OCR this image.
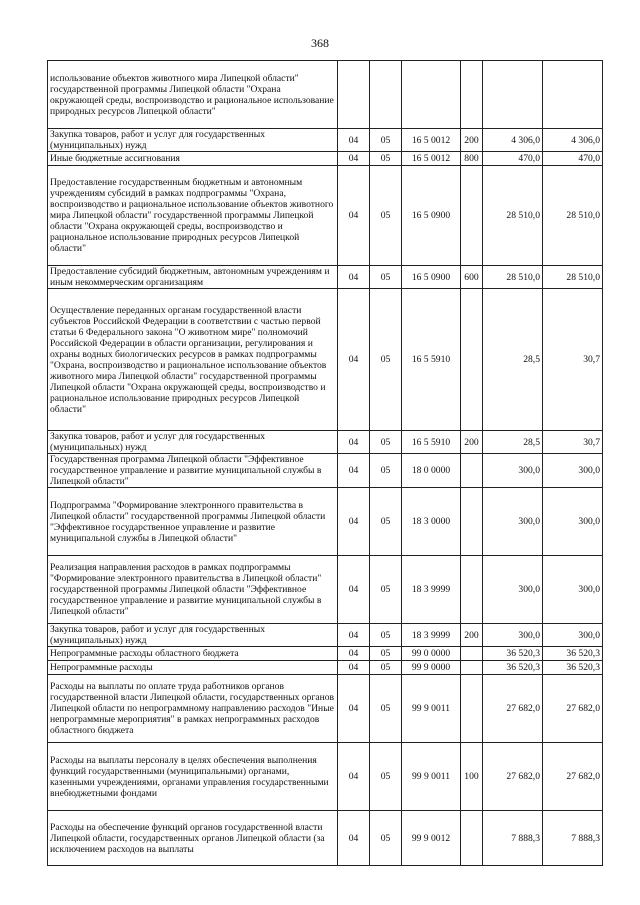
368
использование объектов животного мира Липецкой области" государственной программы Липецкой области "Охрана окружающей среды, воспроизводство и рациональное использование природных ресурсов Липецкой области"						
Закупка товаров, работ и услуг для государственных (муниципальных) нужд	04	05	16 5 0012	200	4 306,0	4 306,0
Иные бюджетные ассигнования	04	05	16 5 0012	800	470,0	470,0
Предоставление государственным бюджетным и автономным учреждениям субсидий в рамках подпрограммы "Охрана, воспроизводство и рациональное использование объектов животного мира Липецкой области" государственной программы Липецкой области "Охрана окружающей среды, воспроизводство и рациональное использование природных ресурсов Липецкой области"	04	05	16 5 0900		28 510,0	28 510,0
Предоставление субсидий бюджетным, автономным учреждениям и иным некоммерческим организациям	04	05	16 5 0900	600	28 510,0	28 510,0
Осуществление переданных органам государственной власти субъектов Российской Федерации в соответствии с частью первой статьи 6 Федерального закона "О животном мире" полномочий Российской Федерации в области организации, регулирования и охраны водных биологических ресурсов в рамках подпрограммы "Охрана, воспроизводство и рациональное использование объектов животного мира Липецкой области" государственной программы Липецкой области "Охрана окружающей среды, воспроизводство и рациональное использование природных ресурсов Липецкой области"	04	05	16 5 5910		28,5	30,7
Закупка товаров, работ и услуг для государственных (муниципальных) нужд	04	05	16 5 5910	200	28,5	30,7
Государственная программа Липецкой области "Эффективное государственное управление и развитие муниципальной службы в Липецкой области"	04	05	18 0 0000		300,0	300,0
Подпрограмма "Формирование электронного правительства в Липецкой области" государственной программы Липецкой области "Эффективное государственное управление и развитие муниципальной службы в Липецкой области"	04	05	18 3 0000		300,0	300,0
Реализация направления расходов в рамках подпрограммы "Формирование электронного правительства в Липецкой области" государственной программы Липецкой области "Эффективное государственное управление и развитие муниципальной службы в Липецкой области"	04	05	18 3 9999		300,0	300,0
Закупка товаров, работ и услуг для государственных (муниципальных) нужд	04	05	18 3 9999	200	300,0	300,0
Непрограммные расходы областного бюджета	04	05	99 0 0000		36 520,3	36 520,3
Непрограммные расходы	04	05	99 9 0000		36 520,3	36 520,3
Расходы на выплаты по оплате труда работников органов государственной власти Липецкой области, государственных органов Липецкой области по непрограммному направлению расходов "Иные непрограммные мероприятия" в рамках непрограммных расходов областного бюджета	04	05	99 9 0011		27 682,0	27 682,0
Расходы на выплаты персоналу в целях обеспечения выполнения функций государственными (муниципальными) органами, казенными учреждениями, органами управления государственными внебюджетными фондами	04	05	99 9 0011	100	27 682,0	27 682,0
Расходы на обеспечение функций органов государственной власти Липецкой области, государственных органов Липецкой области (за исключением расходов на выплаты	04	05	99 9 0012		7 888,3	7 888,3
